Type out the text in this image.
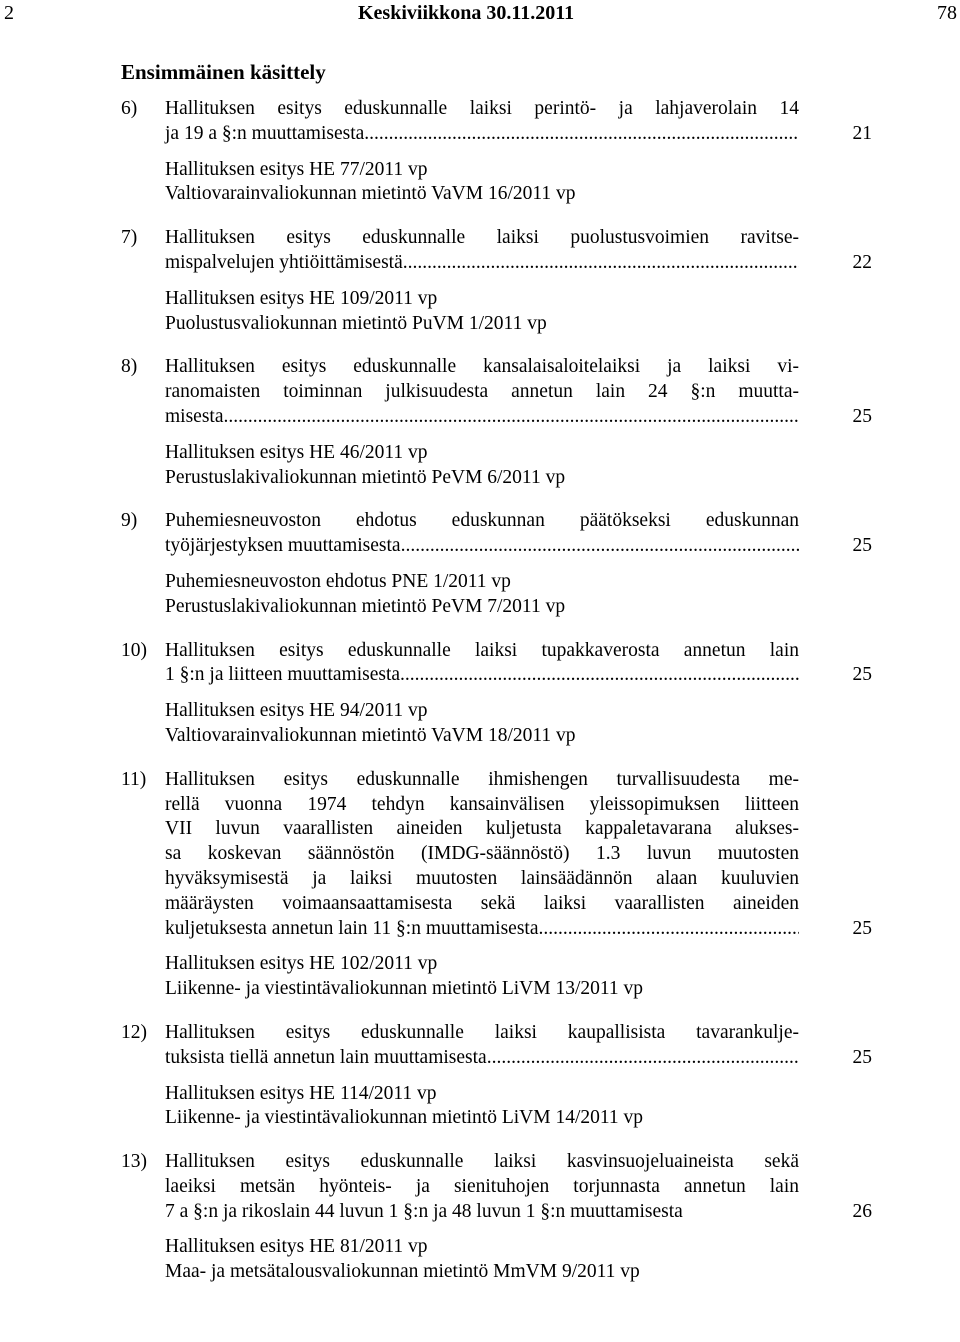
2	Keskiviikkona 30.11.2011	78
Ensimmäinen käsittely
6) Hallituksen esitys eduskunnalle laiksi perintö- ja lahjaverolain 14
ja 19 a §:n muuttamisesta
.....
Hallituksen esitys HE 77/2011 vp
Valtiovarainvaliokunnan mietintö VaVM 16/2011 vp
21
7) Hallituksen esitys eduskunnalle laiksi puolustusvoimien ravitse-
mispalvelujen yhtiöittämisestä
.....
Hallituksen esitys HE 109/2011 vp
Puolustusvaliokunnan mietintö PuVM 1/2011 vp
22
8) Hallituksen esitys eduskunnalle kansalaisaloitelaiksi ja laiksi vi-
ranomaisten toiminnan julkisuudesta annetun lain 24 §:n muutta-
misesta
.....
Hallituksen esitys HE 46/2011 vp
Perustuslakivaliokunnan mietintö PeVM 6/2011 vp
25
9) Puhemiesneuvoston ehdotus eduskunnan päätökseksi eduskunnan
työjärjestyksen muuttamisesta
.....
Puhemiesneuvoston ehdotus PNE 1/2011 vp
Perustuslakivaliokunnan mietintö PeVM 7/2011 vp
25
10) Hallituksen esitys eduskunnalle laiksi tupakkaverosta annetun lain
1 §:n ja liitteen muuttamisesta
.....
Hallituksen esitys HE 94/2011 vp
Valtiovarainvaliokunnan mietintö VaVM 18/2011 vp
25
11) Hallituksen esitys eduskunnalle ihmishengen turvallisuudesta me-
rellä vuonna 1974 tehdyn kansainvälisen yleissopimuksen liitteen
VII luvun vaarallisten aineiden kuljetusta kappaletavarana alukses-
sa koskevan säännöstön (IMDG-säännöstö) 1.3 luvun muutosten
hyväksymisestä ja laiksi muutosten lainsäädännön alaan kuuluvien
määräysten voimaansaattamisesta sekä laiksi vaarallisten aineiden
kuljetuksesta annetun lain 11 §:n muuttamisesta
.....
Hallituksen esitys HE 102/2011 vp
Liikenne- ja viestintävaliokunnan mietintö LiVM 13/2011 vp
25
12) Hallituksen esitys eduskunnalle laiksi kaupallisista tavarankulje-
tuksista tiellä annetun lain muuttamisesta
.....
Hallituksen esitys HE 114/2011 vp
Liikenne- ja viestintävaliokunnan mietintö LiVM 14/2011 vp
25
13) Hallituksen esitys eduskunnalle laiksi kasvinsuojeluaineista sekä
laeiksi metsän hyönteis- ja sienituhojen torjunnasta annetun lain
7 a §:n ja rikoslain 44 luvun 1 §:n ja 48 luvun 1 §:n muuttamisesta
Hallituksen esitys HE 81/2011 vp
Maa- ja metsätalousvaliokunnan mietintö MmVM 9/2011 vp
26
